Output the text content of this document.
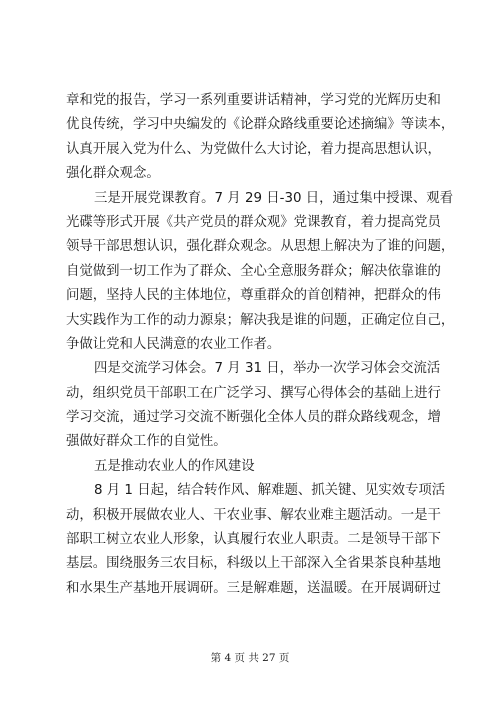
章和党的报告，学习一系列重要讲话精神，学习党的光辉历史和
优良传统，学习中央编发的《论群众路线重要论述摘编》等读本，
认真开展入党为什么、为党做什么大讨论，着力提高思想认识，
强化群众观念。

三是开展党课教育。7 月 29 日-30 日，通过集中授课、观看
光碟等形式开展《共产党员的群众观》党课教育，着力提高党员
领导干部思想认识，强化群众观念。从思想上解决为了谁的问题，
自觉做到一切工作为了群众、全心全意服务群众；解决依靠谁的
问题，坚持人民的主体地位，尊重群众的首创精神，把群众的伟
大实践作为工作的动力源泉；解决我是谁的问题，正确定位自己，
争做让党和人民满意的农业工作者。

四是交流学习体会。7 月 31 日，举办一次学习体会交流活
动，组织党员干部职工在广泛学习、撰写心得体会的基础上进行
学习交流，通过学习交流不断强化全体人员的群众路线观念，增
强做好群众工作的自觉性。

五是推动农业人的作风建设

8 月 1 日起，结合转作风、解难题、抓关键、见实效专项活
动，积极开展做农业人、干农业事、解农业难主题活动。一是干
部职工树立农业人形象，认真履行农业人职责。二是领导干部下
基层。围绕服务三农目标，科级以上干部深入全省果茶良种基地
和水果生产基地开展调研。三是解难题，送温暖。在开展调研过

第 4 页 共 27 页
